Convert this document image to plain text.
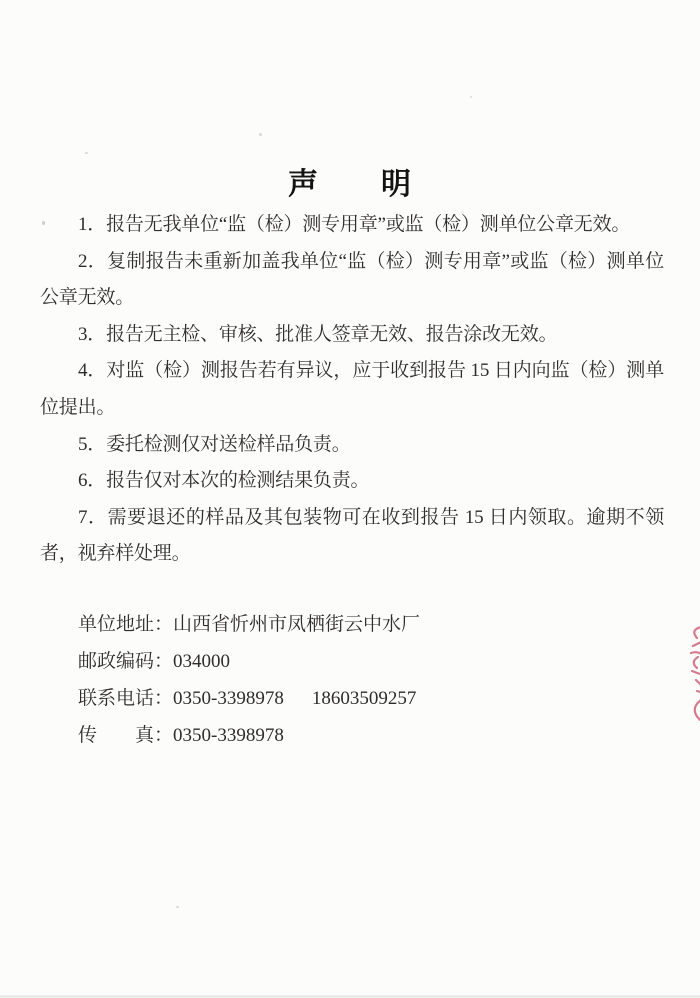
声　　明

1．报告无我单位“监（检）测专用章”或监（检）测单位公章无效。

2．复制报告未重新加盖我单位“监（检）测专用章”或监（检）测单位公章无效。

3．报告无主检、审核、批准人签章无效、报告涂改无效。

4．对监（检）测报告若有异议，应于收到报告 15 日内向监（检）测单位提出。

5．委托检测仅对送检样品负责。

6．报告仅对本次的检测结果负责。

7．需要退还的样品及其包装物可在收到报告 15 日内领取。逾期不领者，视弃样处理。

单位地址：山西省忻州市凤栖街云中水厂
邮政编码：034000
联系电话：0350-3398978 18603509257
传　　真：0350-3398978
